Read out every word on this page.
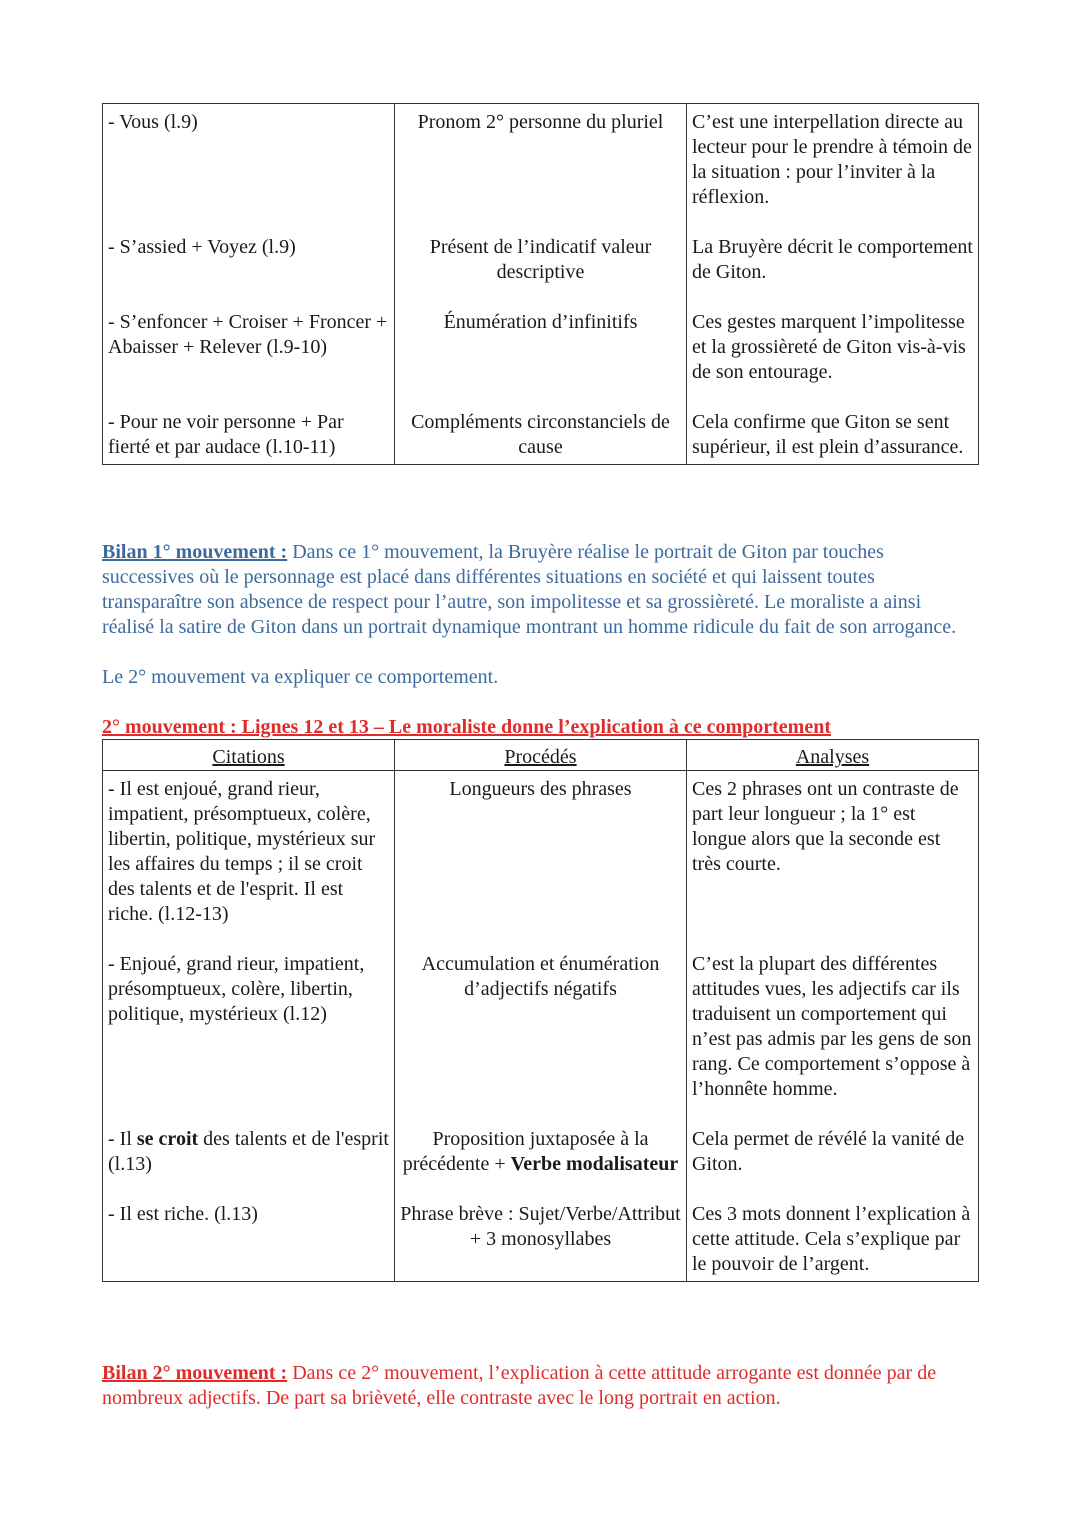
- Vous (l.9)	Pronom 2° personne du pluriel	C’est une interpellation directe au lecteur pour le prendre à témoin de la situation : pour l’inviter à la réflexion.
- S’assied + Voyez (l.9)	Présent de l’indicatif valeur descriptive	La Bruyère décrit le comportement de Giton.
- S’enfoncer + Croiser + Froncer + Abaisser + Relever (l.9-10)	Énumération d’infinitifs	Ces gestes marquent l’impolitesse et la grossièreté de Giton vis-à-vis de son entourage.
- Pour ne voir personne + Par fierté et par audace (l.10-11)	Compléments circonstanciels de cause	Cela confirme que Giton se sent supérieur, il est plein d’assurance.
Bilan 1° mouvement : Dans ce 1° mouvement, la Bruyère réalise le portrait de Giton par touches successives où le personnage est placé dans différentes situations en société et qui laissent toutes transparaître son absence de respect pour l’autre, son impolitesse et sa grossièreté. Le moraliste a ainsi réalisé la satire de Giton dans un portrait dynamique montrant un homme ridicule du fait de son arrogance.
Le 2° mouvement va expliquer ce comportement.
2° mouvement : Lignes 12 et 13 – Le moraliste donne l’explication à ce comportement
Citations	Procédés	Analyses
- Il est enjoué, grand rieur, impatient, présomptueux, colère, libertin, politique, mystérieux sur les affaires du temps ; il se croit des talents et de l'esprit. Il est riche. (l.12-13)	Longueurs des phrases	Ces 2 phrases ont un contraste de part leur longueur ; la 1° est longue alors que la seconde est très courte.
- Enjoué, grand rieur, impatient, présomptueux, colère, libertin, politique, mystérieux (l.12)	Accumulation et énumération d’adjectifs négatifs	C’est la plupart des différentes attitudes vues, les adjectifs car ils traduisent un comportement qui n’est pas admis par les gens de son rang. Ce comportement s’oppose à l’honnête homme.
- Il se croit des talents et de l'esprit (l.13)	Proposition juxtaposée à la précédente + Verbe modalisateur	Cela permet de révélé la vanité de Giton.
- Il est riche. (l.13)	Phrase brève : Sujet/Verbe/Attribut + 3 monosyllabes	Ces 3 mots donnent l’explication à cette attitude. Cela s’explique par le pouvoir de l’argent.
Bilan 2° mouvement : Dans ce 2° mouvement, l’explication à cette attitude arrogante est donnée par de nombreux adjectifs. De part sa brièveté, elle contraste avec le long portrait en action.
